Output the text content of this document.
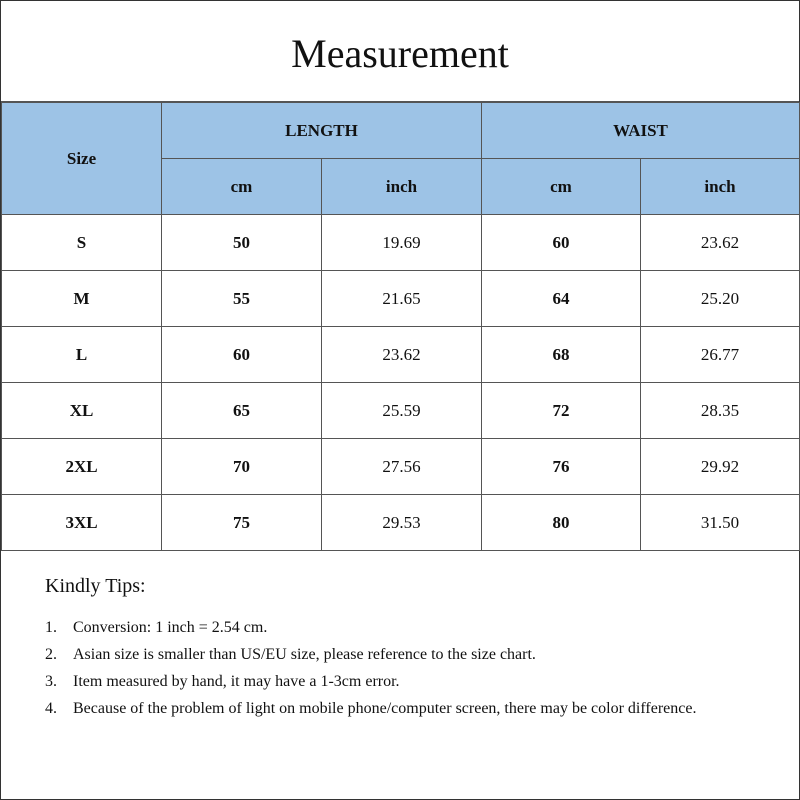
Measurement
Size	LENGTH		WAIST	
	cm	inch	cm	inch
S	50	19.69	60	23.62
M	55	21.65	64	25.20
L	60	23.62	68	26.77
XL	65	25.59	72	28.35
2XL	70	27.56	76	29.92
3XL	75	29.53	80	31.50
Kindly Tips:
1. Conversion: 1 inch = 2.54 cm.
2. Asian size is smaller than US/EU size, please reference to the size chart.
3. Item measured by hand, it may have a 1-3cm error.
4. Because of the problem of light on mobile phone/computer screen, there may be color difference.
